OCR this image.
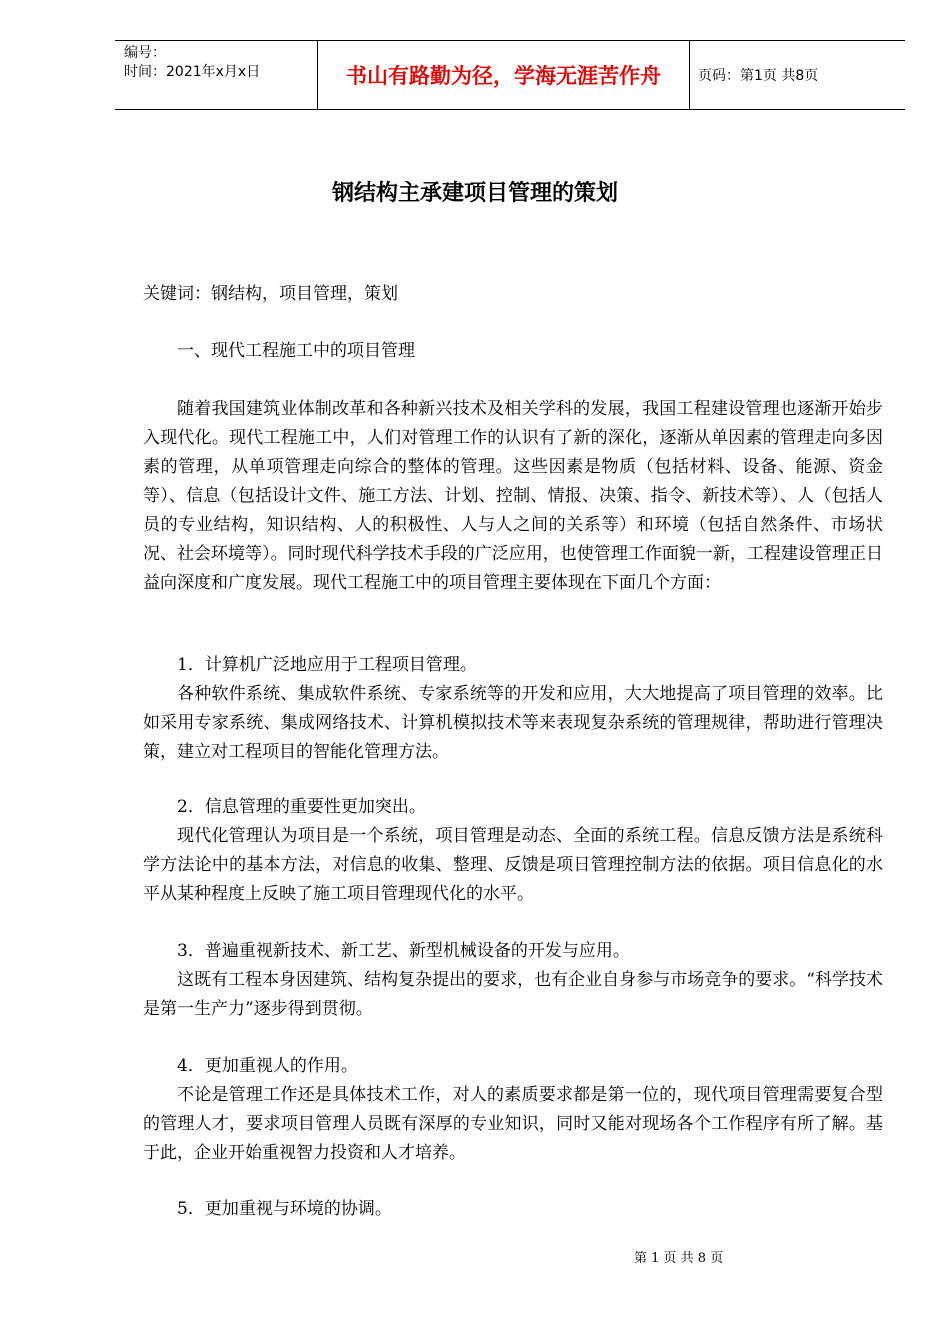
编号：
时间：2021年x月x日	书山有路勤为径，学海无涯苦作舟	页码：第1页 共8页
钢结构主承建项目管理的策划

关键词：钢结构，项目管理，策划

一、现代工程施工中的项目管理

随着我国建筑业体制改革和各种新兴技术及相关学科的发展，我国工程建设管理也逐渐开始步入现代化。现代工程施工中，人们对管理工作的认识有了新的深化，逐渐从单因素的管理走向多因素的管理，从单项管理走向综合的整体的管理。这些因素是物质（包括材料、设备、能源、资金等）、信息（包括设计文件、施工方法、计划、控制、情报、决策、指令、新技术等）、人（包括人员的专业结构，知识结构、人的积极性、人与人之间的关系等）和环境（包括自然条件、市场状况、社会环境等）。同时现代科学技术手段的广泛应用，也使管理工作面貌一新，工程建设管理正日益向深度和广度发展。现代工程施工中的项目管理主要体现在下面几个方面：

1．计算机广泛地应用于工程项目管理。

各种软件系统、集成软件系统、专家系统等的开发和应用，大大地提高了项目管理的效率。比如采用专家系统、集成网络技术、计算机模拟技术等来表现复杂系统的管理规律，帮助进行管理决策，建立对工程项目的智能化管理方法。

2．信息管理的重要性更加突出。

现代化管理认为项目是一个系统，项目管理是动态、全面的系统工程。信息反馈方法是系统科学方法论中的基本方法，对信息的收集、整理、反馈是项日管理控制方法的依据。项目信息化的水平从某种程度上反映了施工项目管理现代化的水平。

3．普遍重视新技术、新工艺、新型机械设备的开发与应用。

这既有工程本身因建筑、结构复杂提出的要求，也有企业自身参与市场竞争的要求。“科学技术是第一生产力”逐步得到贯彻。

4．更加重视人的作用。

不论是管理工作还是具体技术工作，对人的素质要求都是第一位的，现代项目管理需要复合型的管理人才，要求项目管理人员既有深厚的专业知识，同时又能对现场各个工作程序有所了解。基于此，企业开始重视智力投资和人才培养。

5．更加重视与环境的协调。

第 1 页 共 8 页
